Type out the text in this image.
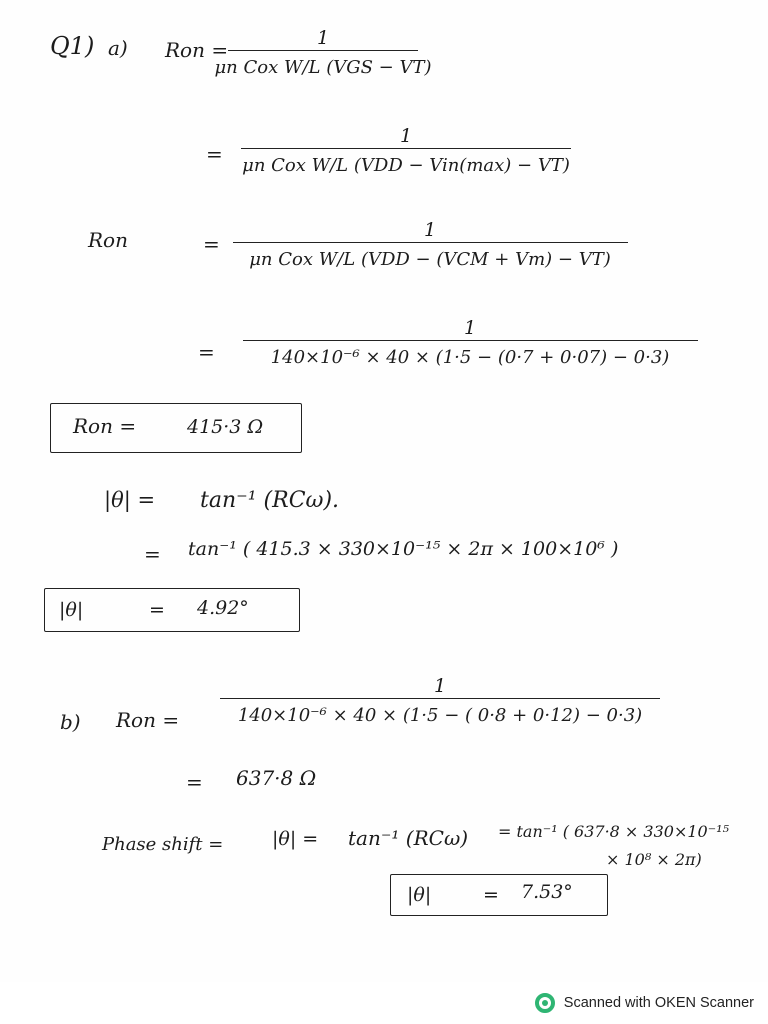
Q1) a) Ron =	1
μn Cox W/L (VGS − VT)
=
1
μn Cox W/L (VDD − Vin(max) − VT)
Ron	=
1
μn Cox W/L (VDD − (VCM + Vm) − VT)
=
1
140×10⁻⁶ × 40 × (1·5 − (0·7 + 0·07) − 0·3)
Ron =	415·3 Ω
|θ| = tan⁻¹ (RCω).
= tan⁻¹ ( 415.3 × 330×10⁻¹⁵ × 2π × 100×10⁶ )
|θ|	= 4.92°
b) Ron =
1
140×10⁻⁶ × 40 × (1·5 − ( 0·8 + 0·12) − 0·3)
= 637·8 Ω
Phase shift =	|θ| = tan⁻¹ (RCω) = tan⁻¹ ( 637·8 × 330×10⁻¹⁵
× 10⁸ × 2π)
|θ|	= 7.53°
Scanned with OKEN Scanner
